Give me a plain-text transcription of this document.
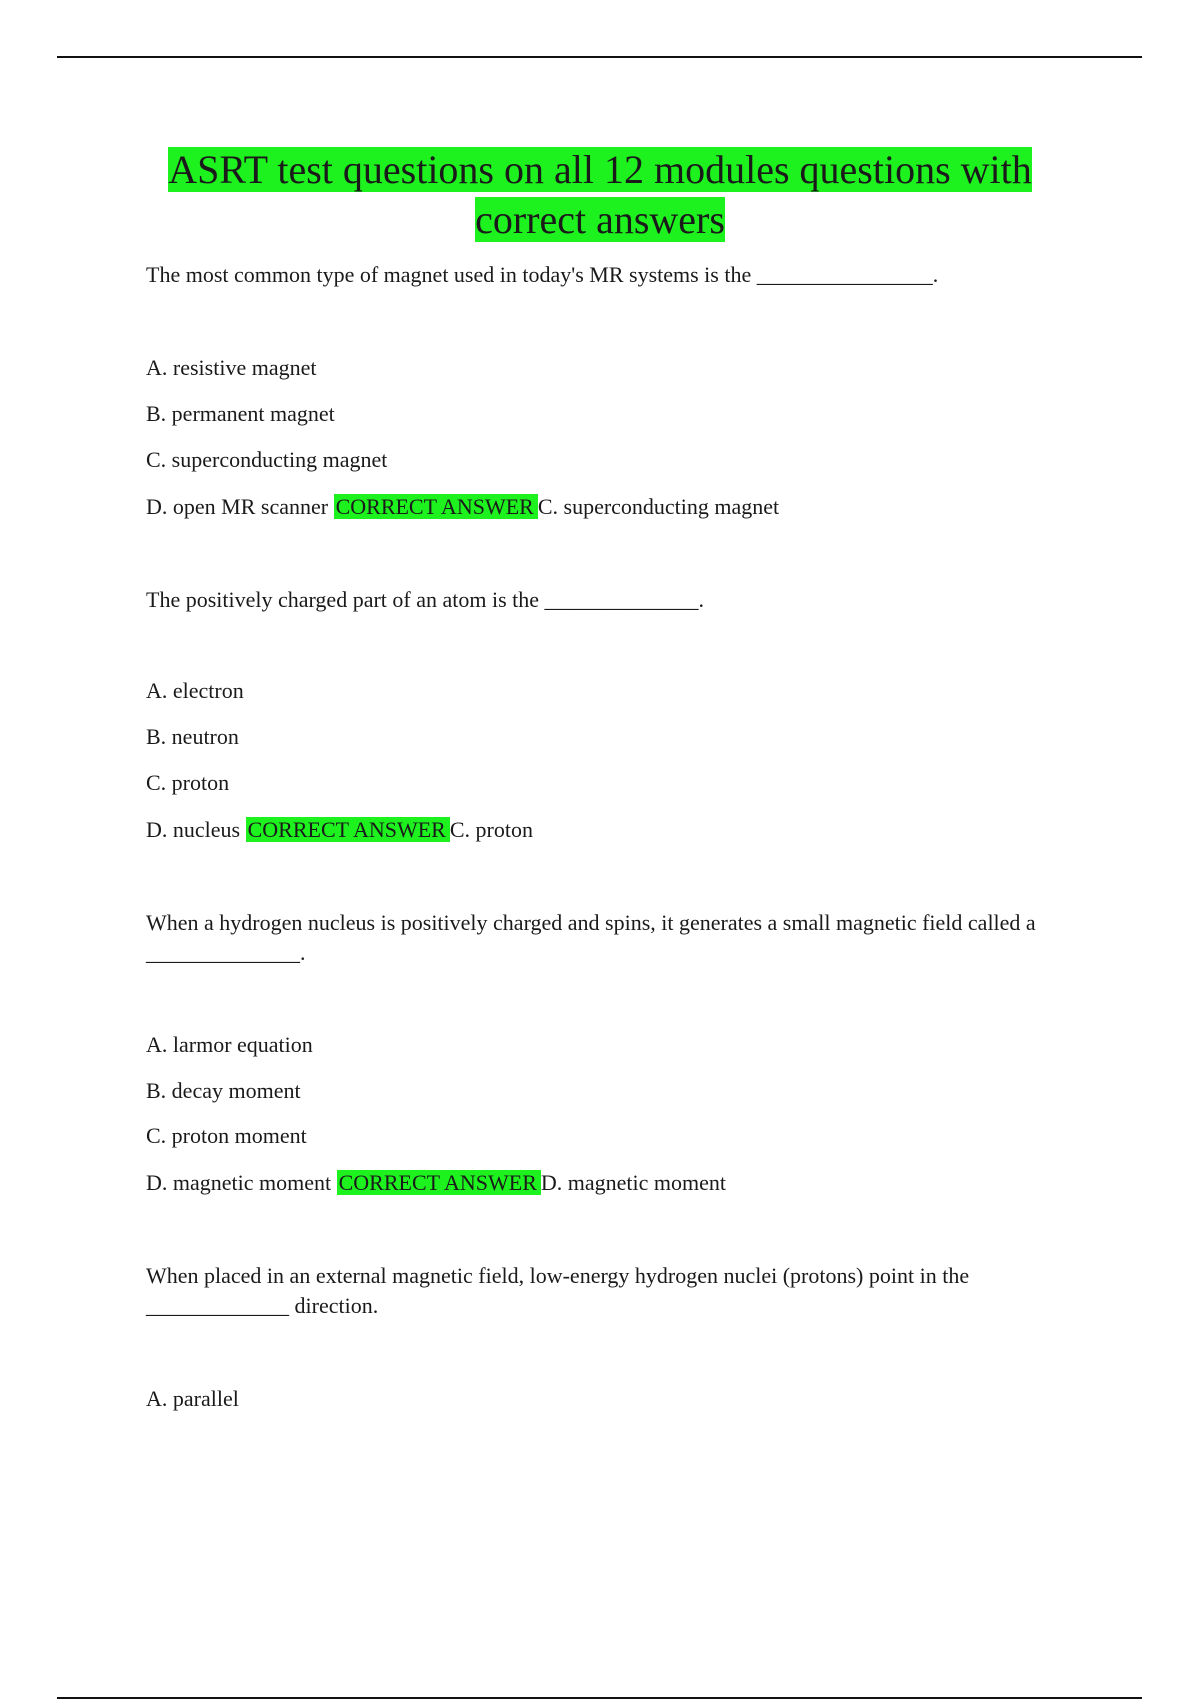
ASRT test questions on all 12 modules questions with
correct answers

The most common type of magnet used in today's MR systems is the ________________.

A. resistive magnet
B. permanent magnet
C. superconducting magnet
D. open MR scanner CORRECT ANSWER C. superconducting magnet

The positively charged part of an atom is the ______________.

A. electron
B. neutron
C. proton
D. nucleus CORRECT ANSWER C. proton

When a hydrogen nucleus is positively charged and spins, it generates a small magnetic field called a ______________.

A. larmor equation
B. decay moment
C. proton moment
D. magnetic moment CORRECT ANSWER D. magnetic moment

When placed in an external magnetic field, low-energy hydrogen nuclei (protons) point in the _____________ direction.

A. parallel
